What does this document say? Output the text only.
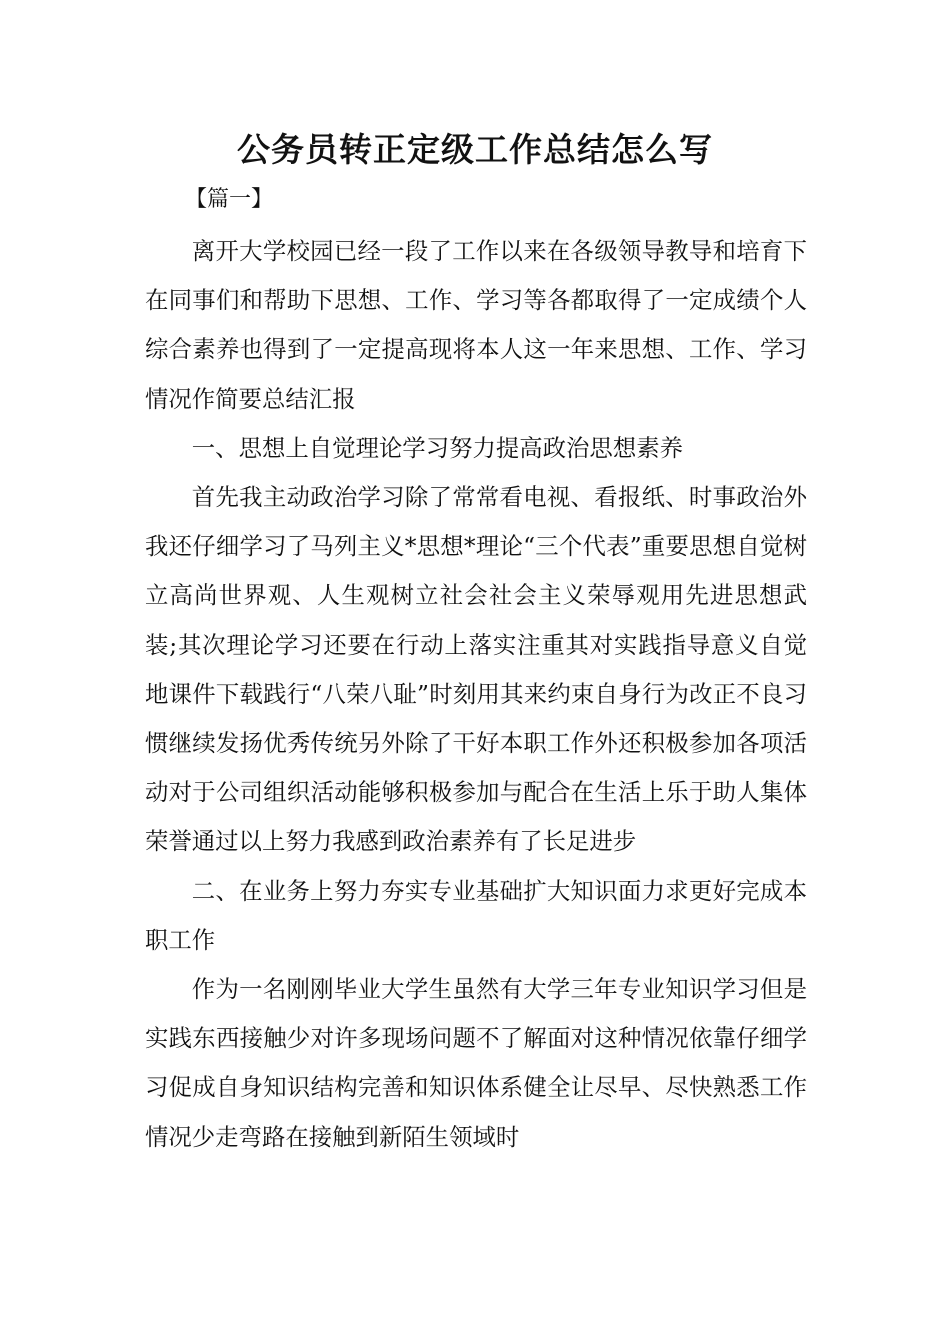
公务员转正定级工作总结怎么写

【篇一】

离开大学校园已经一段了工作以来在各级领导教导和培育下在同事们和帮助下思想、工作、学习等各都取得了一定成绩个人综合素养也得到了一定提高现将本人这一年来思想、工作、学习情况作简要总结汇报

一、思想上自觉理论学习努力提高政治思想素养

首先我主动政治学习除了常常看电视、看报纸、时事政治外我还仔细学习了马列主义*思想*理论“三个代表”重要思想自觉树立高尚世界观、人生观树立社会社会主义荣辱观用先进思想武装;其次理论学习还要在行动上落实注重其对实践指导意义自觉地课件下载践行“八荣八耻”时刻用其来约束自身行为改正不良习惯继续发扬优秀传统另外除了干好本职工作外还积极参加各项活动对于公司组织活动能够积极参加与配合在生活上乐于助人集体荣誉通过以上努力我感到政治素养有了长足进步

二、在业务上努力夯实专业基础扩大知识面力求更好完成本职工作

作为一名刚刚毕业大学生虽然有大学三年专业知识学习但是实践东西接触少对许多现场问题不了解面对这种情况依靠仔细学习促成自身知识结构完善和知识体系健全让尽早、尽快熟悉工作情况少走弯路在接触到新陌生领域时
